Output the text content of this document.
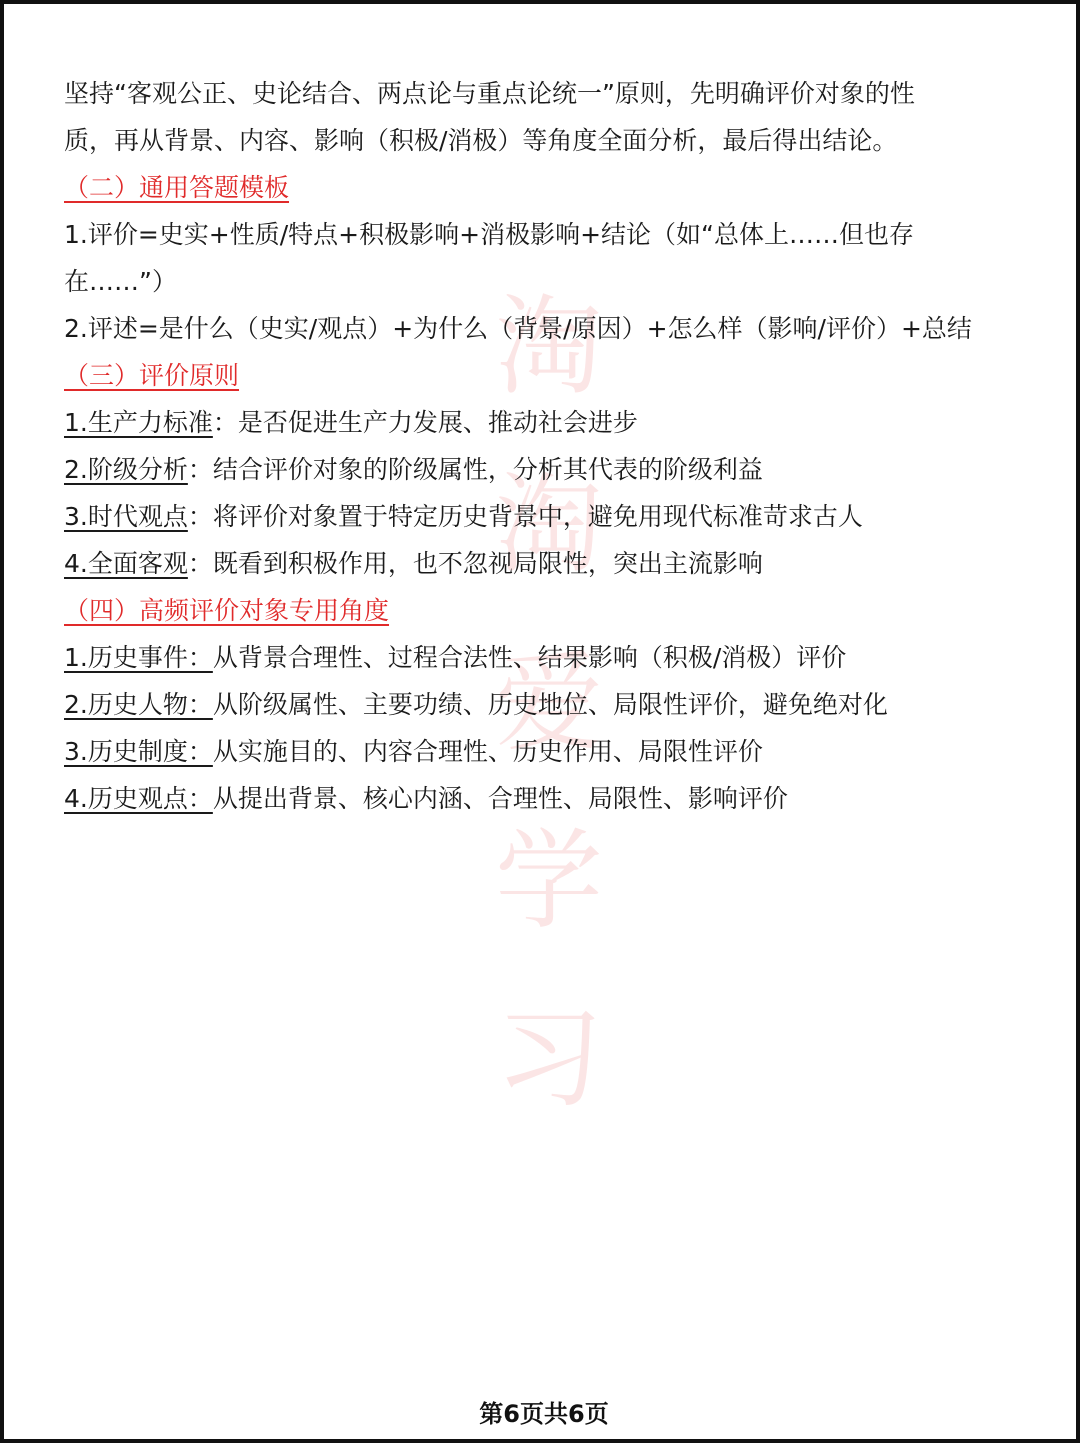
淘
淘
爱
学
习
坚持“客观公正、史论结合、两点论与重点论统一”原则，先明确评价对象的性
质，再从背景、内容、影响（积极/消极）等角度全面分析，最后得出结论。
（二）通用答题模板
1.评价=史实+性质/特点+积极影响+消极影响+结论（如“总体上……但也存
在……”）
2.评述=是什么（史实/观点）+为什么（背景/原因）+怎么样（影响/评价）+总结
（三）评价原则
1.生产力标准：是否促进生产力发展、推动社会进步
2.阶级分析：结合评价对象的阶级属性，分析其代表的阶级利益
3.时代观点：将评价对象置于特定历史背景中，避免用现代标准苛求古人
4.全面客观：既看到积极作用，也不忽视局限性，突出主流影响
（四）高频评价对象专用角度
1.历史事件：从背景合理性、过程合法性、结果影响（积极/消极）评价
2.历史人物：从阶级属性、主要功绩、历史地位、局限性评价，避免绝对化
3.历史制度：从实施目的、内容合理性、历史作用、局限性评价
4.历史观点：从提出背景、核心内涵、合理性、局限性、影响评价
第6页共6页
